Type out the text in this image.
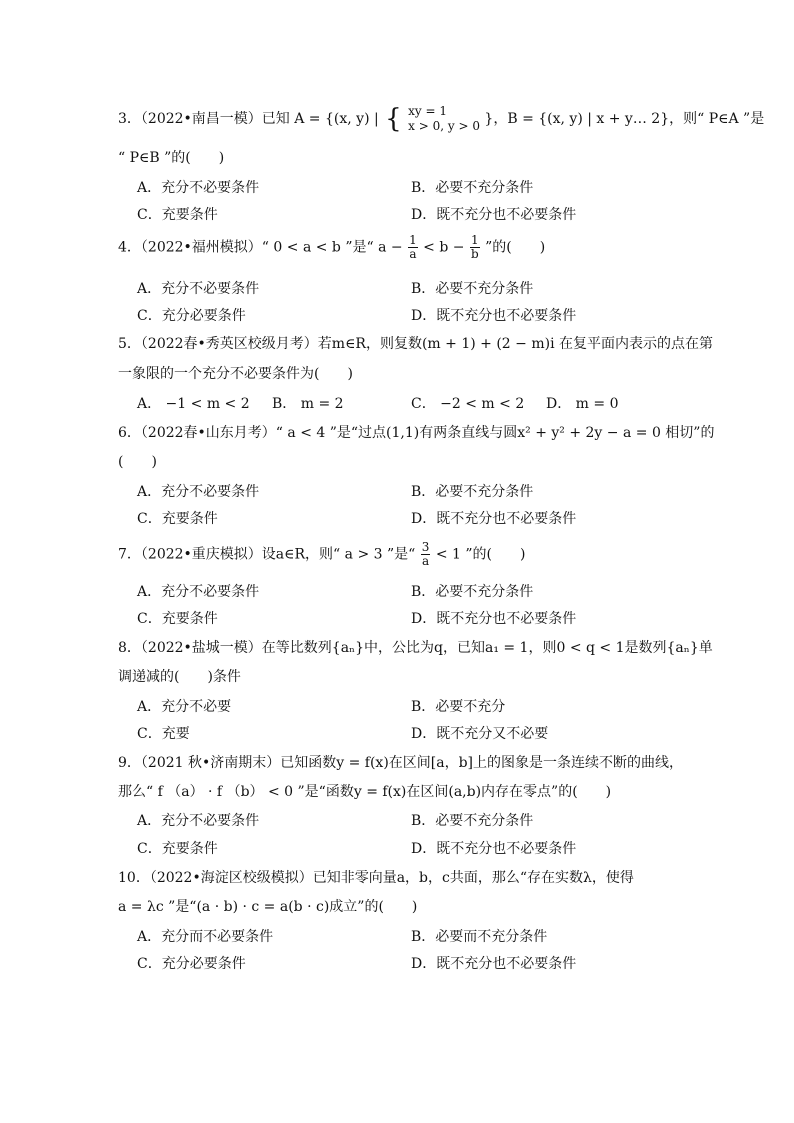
3．（2022•南昌一模）已知 A = {(x, y) | { xy = 1
x > 0, y > 0 }，B = {(x, y) | x + y… 2}，则“ P∈A ”是
“ P∈B ”的(　　)
A．充分不必要条件	B．必要不充分条件
C．充要条件	D．既不充分也不必要条件
4．（2022•福州模拟）“ 0 < a < b ”是“ $a - \frac{1}{a} < b - \frac{1}{b}$ ”的(　　)
A．充分不必要条件	B．必要不充分条件
C．充分必要条件	D．既不充分也不必要条件
5．（2022春•秀英区校级月考）若m∈R，则复数(m + 1) + (2 − m)i 在复平面内表示的点在第
一象限的一个充分不必要条件为(　　)
A． −1 < m < 2 B． m = 2	C． −2 < m < 2 D． m = 0
6．（2022春•山东月考）“ a < 4 ”是“过点(1,1)有两条直线与圆x² + y² + 2y − a = 0 相切”的
(　　)
A．充分不必要条件	B．必要不充分条件
C．充要条件	D．既不充分也不必要条件
7．（2022•重庆模拟）设a∈R，则“ a > 3 ”是“ $\frac{3}{a} < 1$ ”的(　　)
A．充分不必要条件	B．必要不充分条件
C．充要条件	D．既不充分也不必要条件
8．（2022•盐城一模）在等比数列{aₙ}中，公比为q，已知a₁ = 1，则0 < q < 1是数列{aₙ}单
调递减的(　　)条件
A．充分不必要	B．必要不充分
C．充要	D．既不充分又不必要
9．（2021 秋•济南期末）已知函数y = f(x)在区间[a，b]上的图象是一条连续不断的曲线，
那么“ f （a） · f （b） < 0 ”是“函数y = f(x)在区间(a,b)内存在零点”的(　　)
A．充分不必要条件	B．必要不充分条件
C．充要条件	D．既不充分也不必要条件
10．（2022•海淀区校级模拟）已知非零向量a，b，c共面，那么“存在实数λ，使得
a = λc ”是“(a · b) · c = a(b · c)成立”的(　　)
A．充分而不必要条件	B．必要而不充分条件
C．充分必要条件	D．既不充分也不必要条件
